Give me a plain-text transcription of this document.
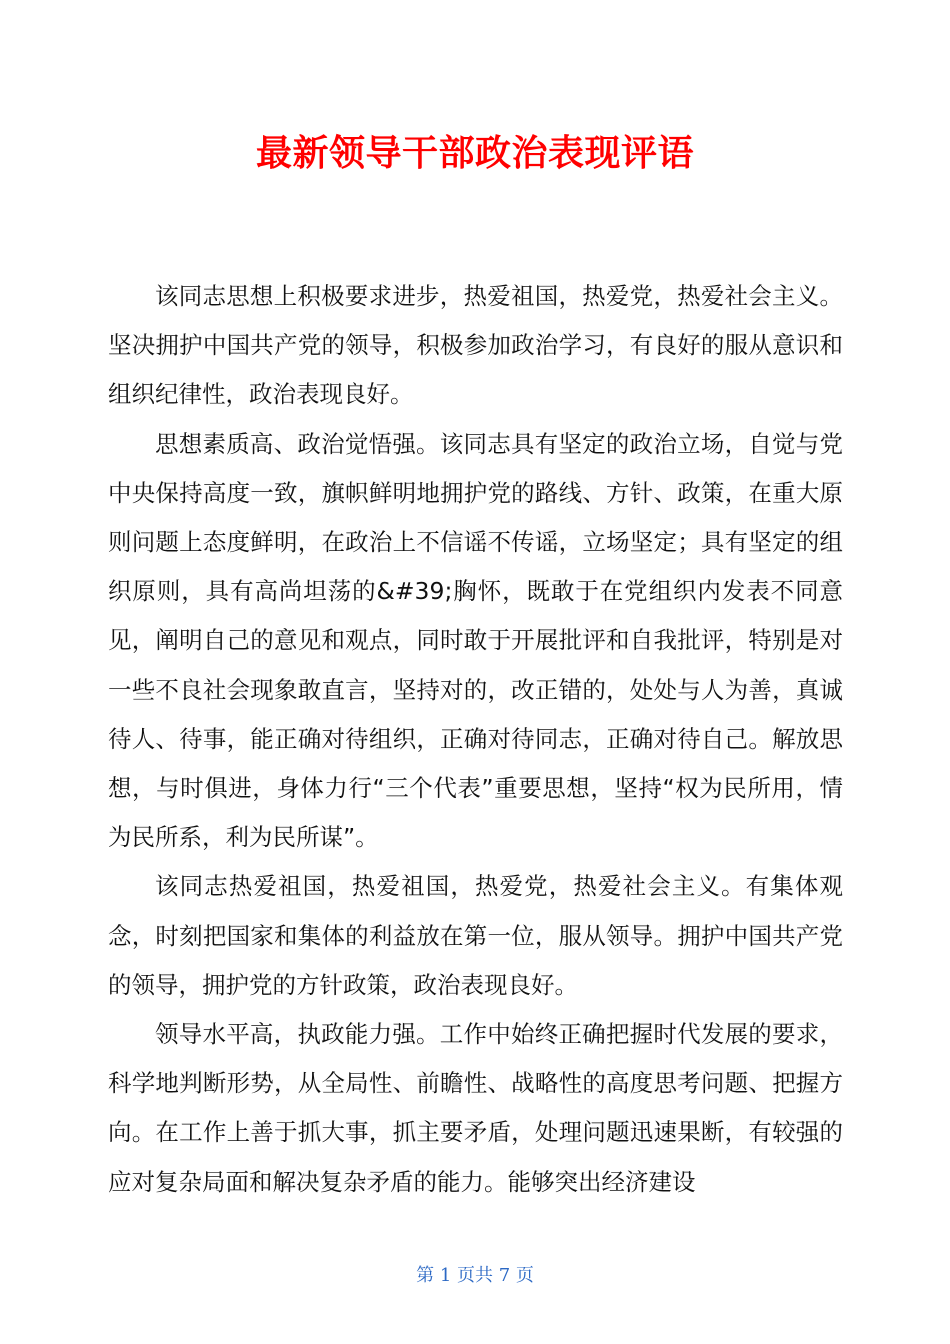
最新领导干部政治表现评语

该同志思想上积极要求进步，热爱祖国，热爱党，热爱社会主义。坚决拥护中国共产党的领导，积极参加政治学习，有良好的服从意识和组织纪律性，政治表现良好。

思想素质高、政治觉悟强。该同志具有坚定的政治立场，自觉与党中央保持高度一致，旗帜鲜明地拥护党的路线、方针、政策，在重大原则问题上态度鲜明，在政治上不信谣不传谣，立场坚定；具有坚定的组织原则，具有高尚坦荡的&#39;胸怀，既敢于在党组织内发表不同意见，阐明自己的意见和观点，同时敢于开展批评和自我批评，特别是对一些不良社会现象敢直言，坚持对的，改正错的，处处与人为善，真诚待人、待事，能正确对待组织，正确对待同志，正确对待自己。解放思想，与时俱进，身体力行“三个代表”重要思想，坚持“权为民所用，情为民所系，利为民所谋”。

该同志热爱祖国，热爱祖国，热爱党，热爱社会主义。有集体观念，时刻把国家和集体的利益放在第一位，服从领导。拥护中国共产党的领导，拥护党的方针政策，政治表现良好。

领导水平高，执政能力强。工作中始终正确把握时代发展的要求，科学地判断形势，从全局性、前瞻性、战略性的高度思考问题、把握方向。在工作上善于抓大事，抓主要矛盾，处理问题迅速果断，有较强的应对复杂局面和解决复杂矛盾的能力。能够突出经济建设

第 1 页共 7 页
